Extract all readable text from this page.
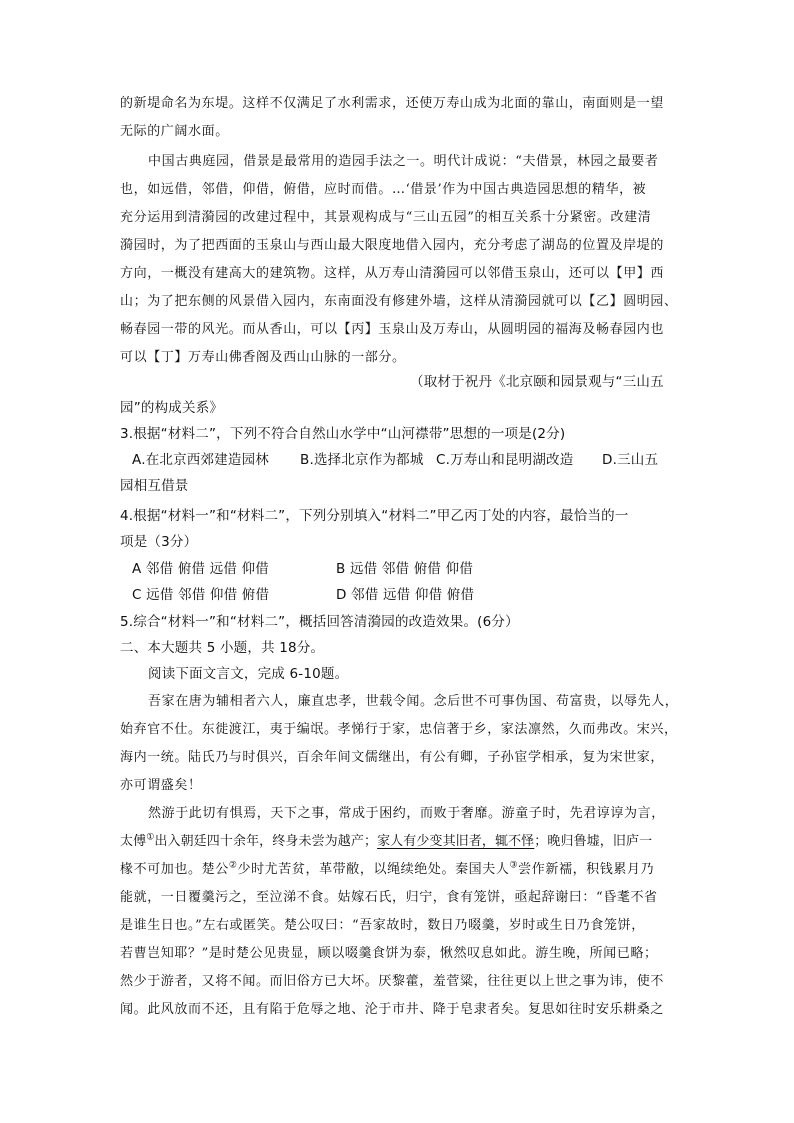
的新堤命名为东堤。这样不仅满足了水利需求，还使万寿山成为北面的靠山，南面则是一望
无际的广阔水面。
中国古典庭园，借景是最常用的造园手法之一。明代计成说：“夫借景，林园之最要者
也，如远借，邻借，仰借，俯借，应时而借。…‘借景’作为中国古典造园思想的精华，被
充分运用到清漪园的改建过程中，其景观构成与“三山五园”的相互关系十分紧密。改建清
漪园时，为了把西面的玉泉山与西山最大限度地借入园内，充分考虑了湖岛的位置及岸堤的
方向，一概没有建高大的建筑物。这样，从万寿山清漪园可以邻借玉泉山，还可以【甲】西
山；为了把东侧的风景借入园内，东南面没有修建外墙，这样从清漪园就可以【乙】圆明园、
畅春园一带的风光。而从香山，可以【丙】玉泉山及万寿山，从圆明园的福海及畅春园内也
可以【丁】万寿山佛香阁及西山山脉的一部分。
（取材于祝丹《北京颐和园景观与“三山五
园”的构成关系》
3.根据“材料二”，下列不符合自然山水学中“山河襟带”思想的一项是(2分)
A.在北京西郊建造园林 B.选择北京作为都城 C.万寿山和昆明湖改造 D.三山五
园相互借景
4.根据“材料一”和“材料二”，下列分别填入“材料二”甲乙丙丁处的内容，最恰当的一
项是（3分）
A 邻借 俯借 远借 仰借	B 远借 邻借 俯借 仰借
C 远借 邻借 仰借 俯借	D 邻借 远借 仰借 俯借
5.综合“材料一”和“材料二”，概括回答清漪园的改造效果。(6分）
二、本大题共 5 小题，共 18分。
阅读下面文言文，完成 6-10题。
吾家在唐为辅相者六人，廉直忠孝，世载令闻。念后世不可事伪国、苟富贵，以辱先人，
始弃官不仕。东徙渡江，夷于编氓。孝悌行于家，忠信著于乡，家法凛然，久而弗改。宋兴，
海内一统。陆氏乃与时俱兴，百余年间文儒继出，有公有卿，子孙宦学相承，复为宋世家，
亦可谓盛矣！
然游于此切有惧焉，天下之事，常成于困约，而败于奢靡。游童子时，先君谆谆为言，
太傅①出入朝廷四十余年，终身未尝为越产；家人有少变其旧者，辄不怿；晚归鲁墟，旧庐一
椽不可加也。楚公②少时尤苦贫，革带敝，以绳续绝处。秦国夫人③尝作新襦，积钱累月乃
能就，一日覆羹污之，至泣涕不食。姑嫁石氏，归宁，食有笼饼，亟起辞谢曰：“昏耄不省
是谁生日也。”左右或匿笑。楚公叹曰：“吾家故时，数日乃啜羹，岁时或生日乃食笼饼，
若曹岂知耶？”是时楚公见贵显，顾以啜羹食饼为泰，愀然叹息如此。游生晚，所闻已略；
然少于游者，又将不闻。而旧俗方已大坏。厌黎藿，羞菅粱，往往更以上世之事为讳，使不
闻。此风放而不还，且有陷于危辱之地、沦于市井、降于皂隶者矣。复思如往时安乐耕桑之
